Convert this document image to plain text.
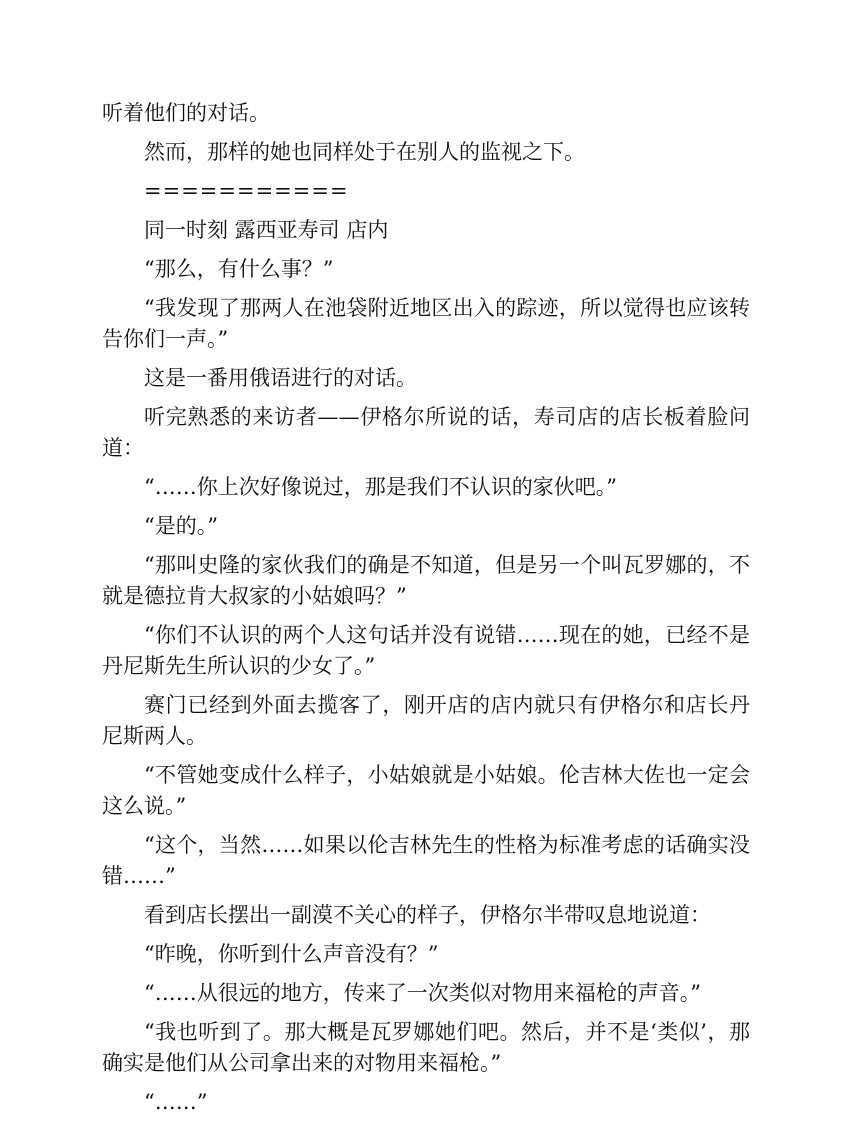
听着他们的对话。

然而，那样的她也同样处于在别人的监视之下。

===========

同一时刻 露西亚寿司 店内

“那么，有什么事？”

“我发现了那两人在池袋附近地区出入的踪迹，所以觉得也应该转告你们一声。”

这是一番用俄语进行的对话。

听完熟悉的来访者——伊格尔所说的话，寿司店的店长板着脸问道：

“……你上次好像说过，那是我们不认识的家伙吧。”

“是的。”

“那叫史隆的家伙我们的确是不知道，但是另一个叫瓦罗娜的，不就是德拉肯大叔家的小姑娘吗？”

“你们不认识的两个人这句话并没有说错……现在的她，已经不是丹尼斯先生所认识的少女了。”

赛门已经到外面去揽客了，刚开店的店内就只有伊格尔和店长丹尼斯两人。

“不管她变成什么样子，小姑娘就是小姑娘。伦吉林大佐也一定会这么说。”

“这个，当然……如果以伦吉林先生的性格为标准考虑的话确实没错……”

看到店长摆出一副漠不关心的样子，伊格尔半带叹息地说道：

“昨晚，你听到什么声音没有？”

“……从很远的地方，传来了一次类似对物用来福枪的声音。”

“我也听到了。那大概是瓦罗娜她们吧。然后，并不是‘类似’，那确实是他们从公司拿出来的对物用来福枪。”

“……”
